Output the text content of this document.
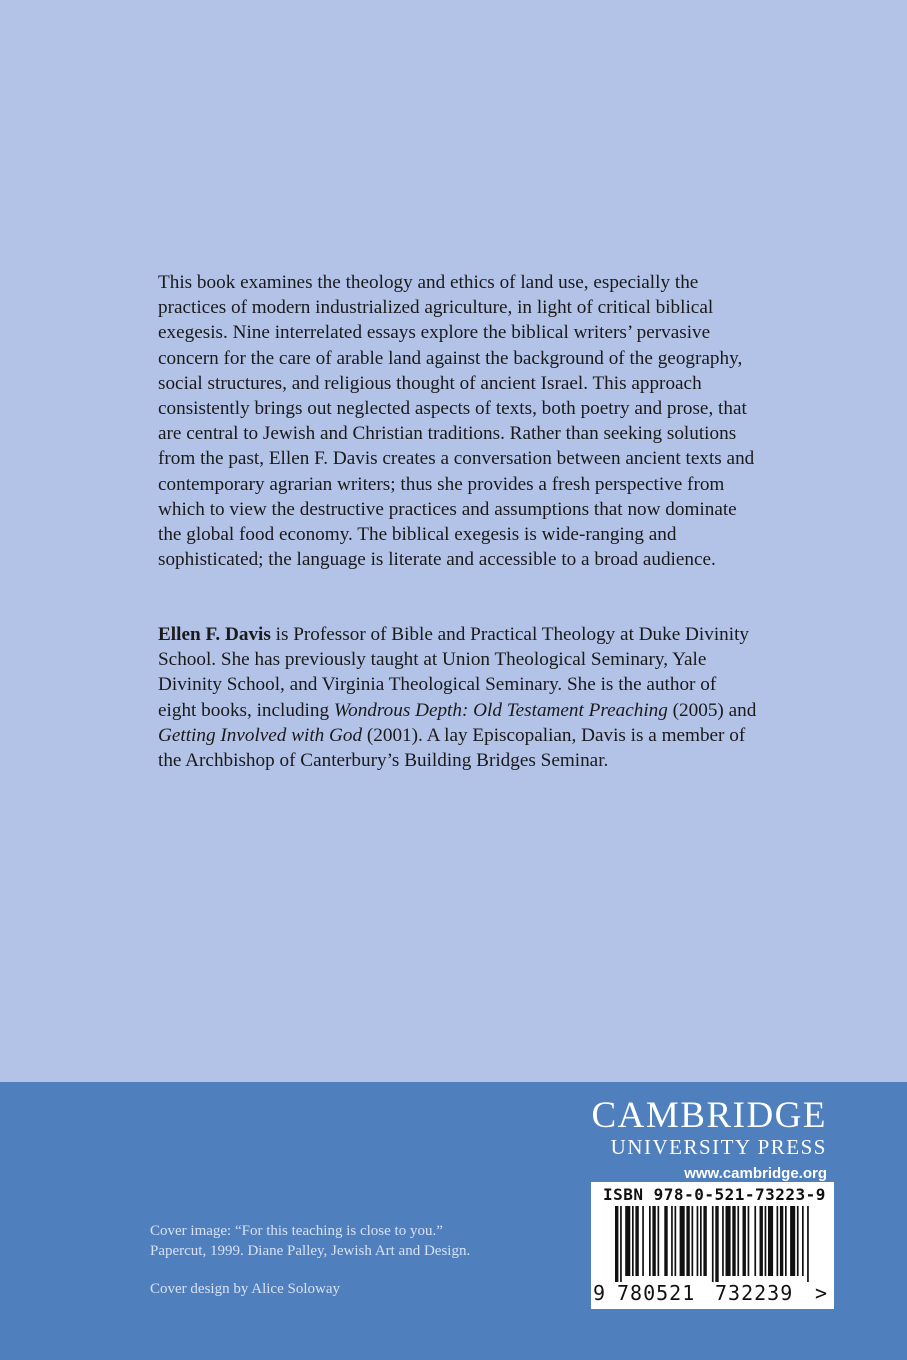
This book examines the theology and ethics of land use, especially the practices of modern industrialized agriculture, in light of critical biblical exegesis. Nine interrelated essays explore the biblical writers’ pervasive concern for the care of arable land against the background of the geography, social structures, and religious thought of ancient Israel. This approach consistently brings out neglected aspects of texts, both poetry and prose, that are central to Jewish and Christian traditions. Rather than seeking solutions from the past, Ellen F. Davis creates a conversation between ancient texts and contemporary agrarian writers; thus she provides a fresh perspective from which to view the destructive practices and assumptions that now dominate the global food economy. The biblical exegesis is wide-ranging and sophisticated; the language is literate and accessible to a broad audience.

Ellen F. Davis is Professor of Bible and Practical Theology at Duke Divinity School. She has previously taught at Union Theological Seminary, Yale Divinity School, and Virginia Theological Seminary. She is the author of eight books, including Wondrous Depth: Old Testament Preaching (2005) and Getting Involved with God (2001). A lay Episcopalian, Davis is a member of the Archbishop of Canterbury’s Building Bridges Seminar.
CAMBRIDGE
UNIVERSITY PRESS
www.cambridge.org
ISBN 978-0-521-73223-9
9 780521 732239 >
Cover image: “For this teaching is close to you.”
Papercut, 1999. Diane Palley, Jewish Art and Design.
Cover design by Alice Soloway
